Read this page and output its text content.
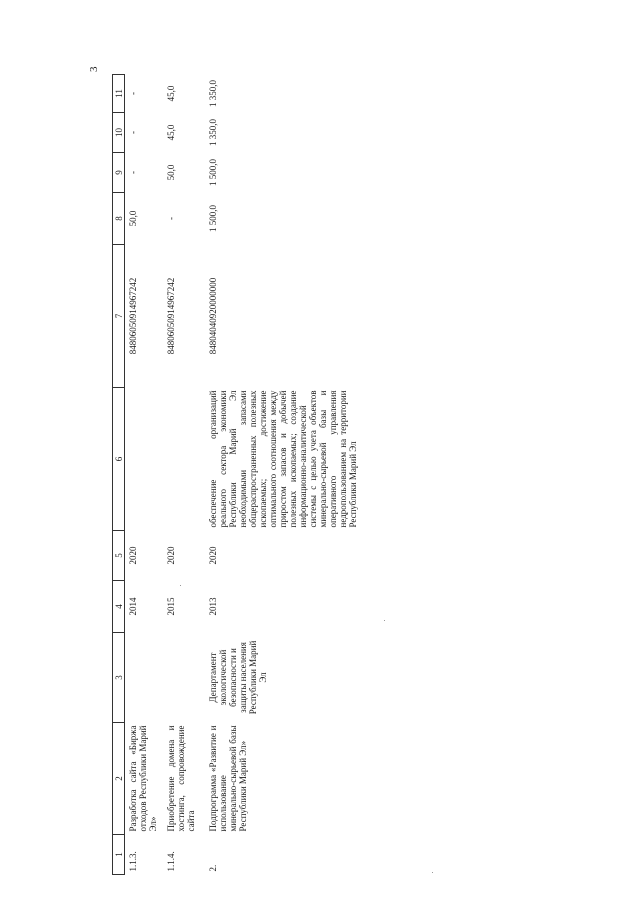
3
1	2	3	4	5	6	7	8	9	10	11
1.1.3.	Разработка сайта «Биржа отходов Республики Марий Эл»		2014	2020		84806050914967242	50,0	-	-	-
1.1.4.	Приобретение домена и хостинга, сопровождение сайта		2015	2020		84806050914967242	-	50,0	45,0	45,0
2.	Подпрограмма «Развитие и использование минерально-сырьевой базы Республики Марий Эл»	Департамент экологической безопасности и защиты населения Республики Марий Эл	2013	2020	обеспечение организаций реального сектора экономики Республики Марий Эл необходимыми запасами общераспространенных полезных ископаемых; достижение оптимального соотношения между приростом запасов и добычей полезных ископаемых; создание информационно-аналитической системы с целью учета объектов минерально-сырьевой базы и оперативного управления недропользованием на территории Республики Марий Эл	84804040920000000	1 500,0	1 500,0	1 350,0	1 350,0
